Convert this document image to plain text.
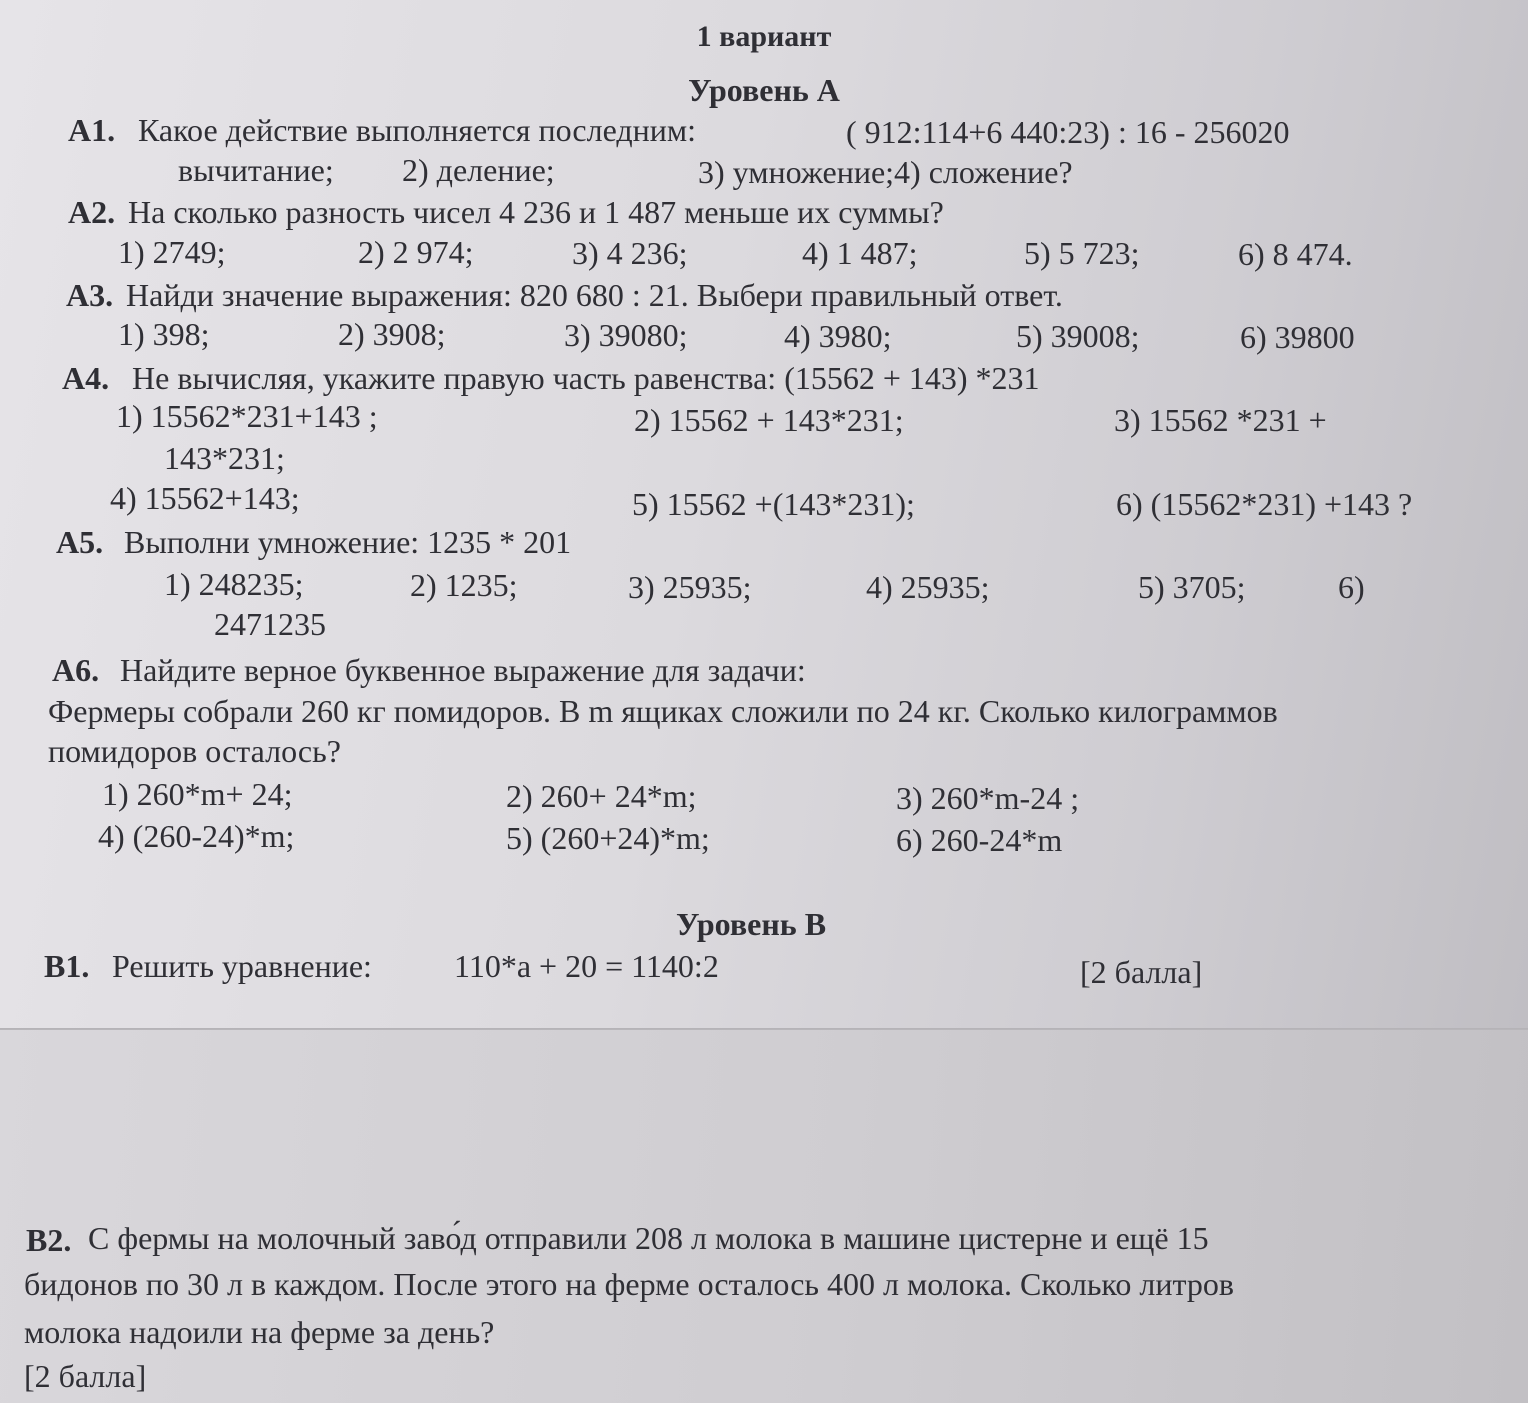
1 вариант
Уровень А
А1. Какое действие выполняется последним:	( 912:114+6 440:23) : 16 - 256020
вычитание; 2) деление;	3) умножение;4) сложение?
А2. На сколько разность чисел 4 236 и 1 487 меньше их суммы?
1) 2749;	2) 2 974;	3) 4 236;	4) 1 487;	5) 5 723;	6) 8 474.
А3. Найди значение выражения: 820 680 : 21. Выбери правильный ответ.
1) 398;	2) 3908;	3) 39080;	4) 3980;	5) 39008;	6) 39800
А4. Не вычисляя, укажите правую часть равенства: (15562 + 143) *231
1) 15562*231+143 ;	2) 15562 + 143*231;	3) 15562 *231 +
143*231;
4) 15562+143;	5) 15562 +(143*231);	6) (15562*231) +143 ?
А5. Выполни умножение: 1235 * 201
1) 248235;	2) 1235;	3) 25935;	4) 25935;	5) 3705;	6)
2471235
А6. Найдите верное буквенное выражение для задачи:
Фермеры собрали 260 кг помидоров. В m ящиках сложили по 24 кг. Сколько килограммов
помидоров осталось?
1) 260*m+ 24;	2) 260+ 24*m;	3) 260*m-24 ;
4) (260-24)*m;	5) (260+24)*m;	6) 260-24*m
Уровень В
В1. Решить уравнение:	110*а + 20 = 1140:2	[2 балла]
В2. С фермы на молочный заво́д отправили 208 л молока в машине цистерне и ещё 15
бидонов по 30 л в каждом. После этого на ферме осталось 400 л молока. Сколько литров
молока надоили на ферме за день?
[2 балла]
